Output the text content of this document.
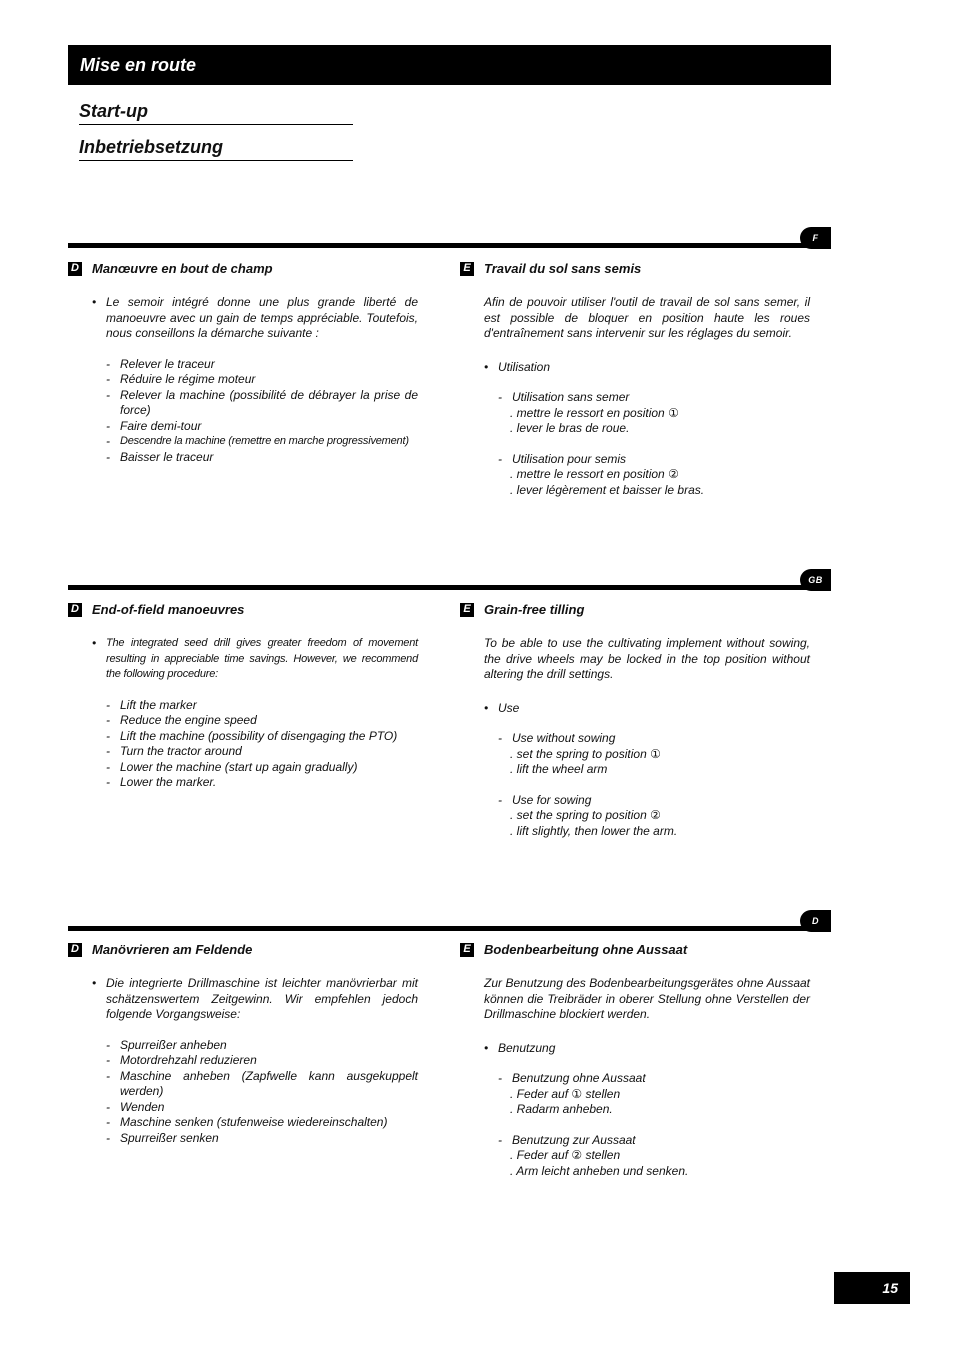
Mise en route
Start-up
Inbetriebsetzung
F
D Manœuvre en bout de champ
• Le semoir intégré donne une plus grande liberté de manoeuvre avec un gain de temps appréciable. Toutefois, nous conseillons la démarche suivante :
- Relever le traceur
- Réduire le régime moteur
- Relever la machine (possibilité de débrayer la prise de force)
- Faire demi-tour
- Descendre la machine (remettre en marche progressivement)
- Baisser le traceur
E Travail du sol sans semis
Afin de pouvoir utiliser l'outil de travail de sol sans semer, il est possible de bloquer en position haute les roues d'entraînement sans intervenir sur les réglages du semoir.
• Utilisation
- Utilisation sans semer
. mettre le ressort en position ①
. lever le bras de roue.
- Utilisation pour semis
. mettre le ressort en position ②
. lever légèrement et baisser le bras.
GB
D End-of-field manoeuvres
• The integrated seed drill gives greater freedom of movement resulting in appreciable time savings. However, we recommend the following procedure:
- Lift the marker
- Reduce the engine speed
- Lift the machine (possibility of disengaging the PTO)
- Turn the tractor around
- Lower the machine (start up again gradually)
- Lower the marker.
E Grain-free tilling
To be able to use the cultivating implement without sowing, the drive wheels may be locked in the top position without altering the drill settings.
• Use
- Use without sowing
. set the spring to position ①
. lift the wheel arm
- Use for sowing
. set the spring to position ②
. lift slightly, then lower the arm.
D
D Manövrieren am Feldende
• Die integrierte Drillmaschine ist leichter manövrierbar mit schätzenswertem Zeitgewinn. Wir empfehlen jedoch folgende Vorgangsweise:
- Spurreißer anheben
- Motordrehzahl reduzieren
- Maschine anheben (Zapfwelle kann ausgekuppelt werden)
- Wenden
- Maschine senken (stufenweise wiedereinschalten)
- Spurreißer senken
E Bodenbearbeitung ohne Aussaat
Zur Benutzung des Bodenbearbeitungsgerätes ohne Aussaat können die Treibräder in oberer Stellung ohne Verstellen der Drillmaschine blockiert werden.
• Benutzung
- Benutzung ohne Aussaat
. Feder auf ① stellen
. Radarm anheben.
- Benutzung zur Aussaat
. Feder auf ② stellen
. Arm leicht anheben und senken.
15
